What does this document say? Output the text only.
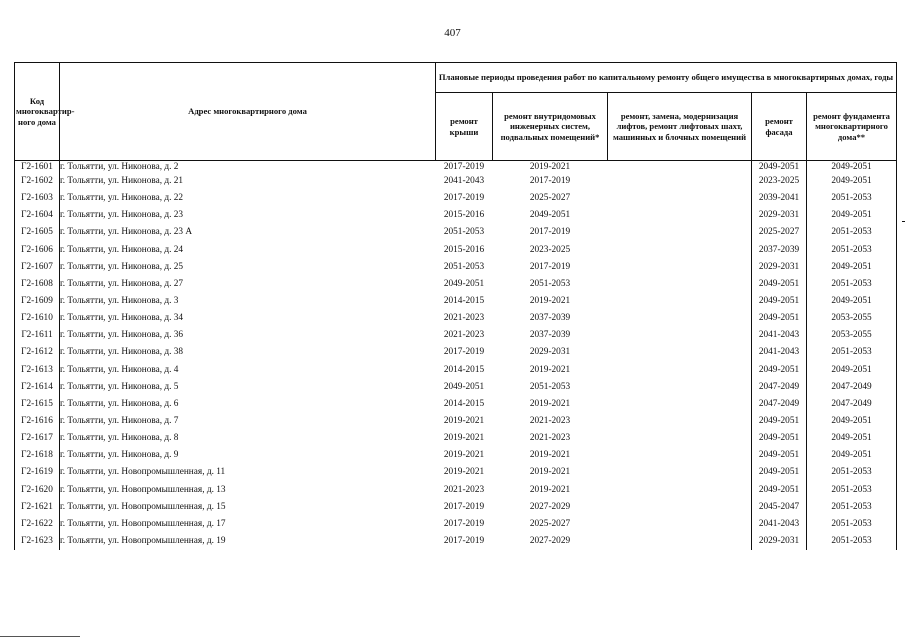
407
Код многоквартир-ного дома	Адрес многоквартирного дома	Плановые периоды проведения работ по капитальному ремонту общего имущества в многоквартирных домах, годы				
		ремонт крыши	ремонт внутридомовых инженерных систем, подвальных помещений*	ремонт, замена, модернизация лифтов, ремонт лифтовых шахт, машинных и блочных помещений	ремонт фасада	ремонт фундамента многоквартирного дома**
Г2-1601	г. Тольятти, ул. Никонова, д. 2	2017-2019	2019-2021		2049-2051	2049-2051
Г2-1602	г. Тольятти, ул. Никонова, д. 21	2041-2043	2017-2019		2023-2025	2049-2051
Г2-1603	г. Тольятти, ул. Никонова, д. 22	2017-2019	2025-2027		2039-2041	2051-2053
Г2-1604	г. Тольятти, ул. Никонова, д. 23	2015-2016	2049-2051		2029-2031	2049-2051
Г2-1605	г. Тольятти, ул. Никонова, д. 23 А	2051-2053	2017-2019		2025-2027	2051-2053
Г2-1606	г. Тольятти, ул. Никонова, д. 24	2015-2016	2023-2025		2037-2039	2051-2053
Г2-1607	г. Тольятти, ул. Никонова, д. 25	2051-2053	2017-2019		2029-2031	2049-2051
Г2-1608	г. Тольятти, ул. Никонова, д. 27	2049-2051	2051-2053		2049-2051	2051-2053
Г2-1609	г. Тольятти, ул. Никонова, д. 3	2014-2015	2019-2021		2049-2051	2049-2051
Г2-1610	г. Тольятти, ул. Никонова, д. 34	2021-2023	2037-2039		2049-2051	2053-2055
Г2-1611	г. Тольятти, ул. Никонова, д. 36	2021-2023	2037-2039		2041-2043	2053-2055
Г2-1612	г. Тольятти, ул. Никонова, д. 38	2017-2019	2029-2031		2041-2043	2051-2053
Г2-1613	г. Тольятти, ул. Никонова, д. 4	2014-2015	2019-2021		2049-2051	2049-2051
Г2-1614	г. Тольятти, ул. Никонова, д. 5	2049-2051	2051-2053		2047-2049	2047-2049
Г2-1615	г. Тольятти, ул. Никонова, д. 6	2014-2015	2019-2021		2047-2049	2047-2049
Г2-1616	г. Тольятти, ул. Никонова, д. 7	2019-2021	2021-2023		2049-2051	2049-2051
Г2-1617	г. Тольятти, ул. Никонова, д. 8	2019-2021	2021-2023		2049-2051	2049-2051
Г2-1618	г. Тольятти, ул. Никонова, д. 9	2019-2021	2019-2021		2049-2051	2049-2051
Г2-1619	г. Тольятти, ул. Новопромышленная, д. 11	2019-2021	2019-2021		2049-2051	2051-2053
Г2-1620	г. Тольятти, ул. Новопромышленная, д. 13	2021-2023	2019-2021		2049-2051	2051-2053
Г2-1621	г. Тольятти, ул. Новопромышленная, д. 15	2017-2019	2027-2029		2045-2047	2051-2053
Г2-1622	г. Тольятти, ул. Новопромышленная, д. 17	2017-2019	2025-2027		2041-2043	2051-2053
Г2-1623	г. Тольятти, ул. Новопромышленная, д. 19	2017-2019	2027-2029		2029-2031	2051-2053
